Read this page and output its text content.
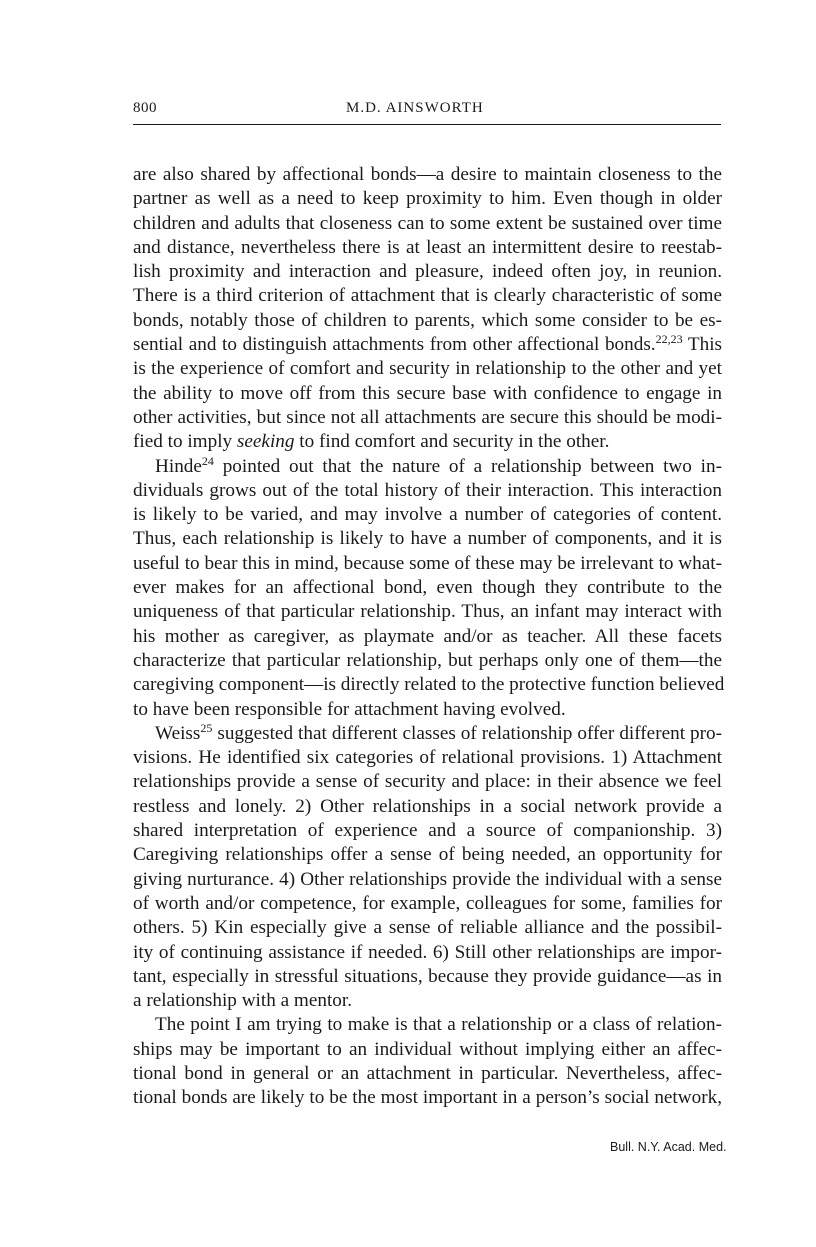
800	M.D. AINSWORTH
are also shared by affectional bonds—a desire to maintain closeness to the
partner as well as a need to keep proximity to him. Even though in older
children and adults that closeness can to some extent be sustained over time
and distance, nevertheless there is at least an intermittent desire to reestab-
lish proximity and interaction and pleasure, indeed often joy, in reunion.
There is a third criterion of attachment that is clearly characteristic of some
bonds, notably those of children to parents, which some consider to be es-
sential and to distinguish attachments from other affectional bonds.$^{22,23}$ This
is the experience of comfort and security in relationship to the other and yet
the ability to move off from this secure base with confidence to engage in
other activities, but since not all attachments are secure this should be modi-
fied to imply seeking to find comfort and security in the other.
Hinde$^{24}$ pointed out that the nature of a relationship between two in-
dividuals grows out of the total history of their interaction. This interaction
is likely to be varied, and may involve a number of categories of content.
Thus, each relationship is likely to have a number of components, and it is
useful to bear this in mind, because some of these may be irrelevant to what-
ever makes for an affectional bond, even though they contribute to the
uniqueness of that particular relationship. Thus, an infant may interact with
his mother as caregiver, as playmate and/or as teacher. All these facets
characterize that particular relationship, but perhaps only one of them—the
caregiving component—is directly related to the protective function believed
to have been responsible for attachment having evolved.
Weiss$^{25}$ suggested that different classes of relationship offer different pro-
visions. He identified six categories of relational provisions. 1) Attachment
relationships provide a sense of security and place: in their absence we feel
restless and lonely. 2) Other relationships in a social network provide a
shared interpretation of experience and a source of companionship. 3)
Caregiving relationships offer a sense of being needed, an opportunity for
giving nurturance. 4) Other relationships provide the individual with a sense
of worth and/or competence, for example, colleagues for some, families for
others. 5) Kin especially give a sense of reliable alliance and the possibil-
ity of continuing assistance if needed. 6) Still other relationships are impor-
tant, especially in stressful situations, because they provide guidance—as in
a relationship with a mentor.
The point I am trying to make is that a relationship or a class of relation-
ships may be important to an individual without implying either an affec-
tional bond in general or an attachment in particular. Nevertheless, affec-
tional bonds are likely to be the most important in a person’s social network,
Bull. N.Y. Acad. Med.
